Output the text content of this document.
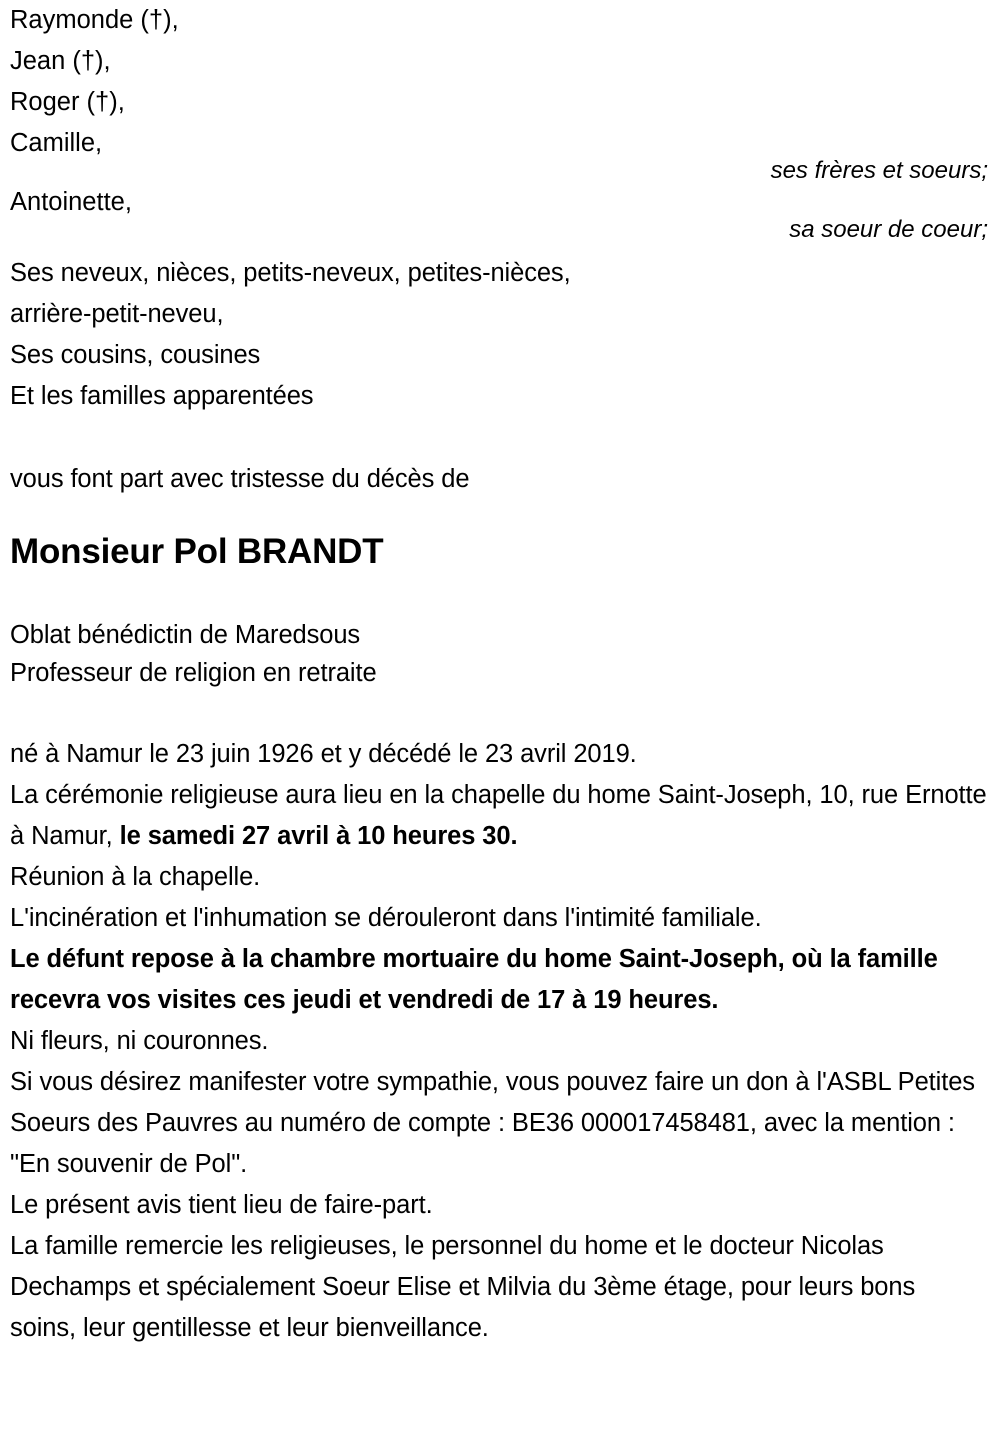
Raymonde (†),
Jean (†),
Roger (†),
Camille,
Antoinette,
ses frères et soeurs;
sa soeur de coeur;
Ses neveux, nièces, petits-neveux, petites-nièces,
arrière-petit-neveu,
Ses cousins, cousines
Et les familles apparentées
vous font part avec tristesse du décès de
Monsieur Pol BRANDT
Oblat bénédictin de Maredsous
Professeur de religion en retraite

né à Namur le 23 juin 1926 et y décédé le 23 avril 2019.

La cérémonie religieuse aura lieu en la chapelle du home Saint-Joseph, 10, rue Ernotte à Namur, le samedi 27 avril à 10 heures 30.

Réunion à la chapelle.

L'incinération et l'inhumation se dérouleront dans l'intimité familiale.

Le défunt repose à la chambre mortuaire du home Saint-Joseph, où la famille recevra vos visites ces jeudi et vendredi de 17 à 19 heures.

Ni fleurs, ni couronnes.

Si vous désirez manifester votre sympathie, vous pouvez faire un don à l'ASBL Petites Soeurs des Pauvres au numéro de compte : BE36 000017458481, avec la mention : "En souvenir de Pol".

Le présent avis tient lieu de faire-part.

La famille remercie les religieuses, le personnel du home et le docteur Nicolas Dechamps et spécialement Soeur Elise et Milvia du 3ème étage, pour leurs bons soins, leur gentillesse et leur bienveillance.
